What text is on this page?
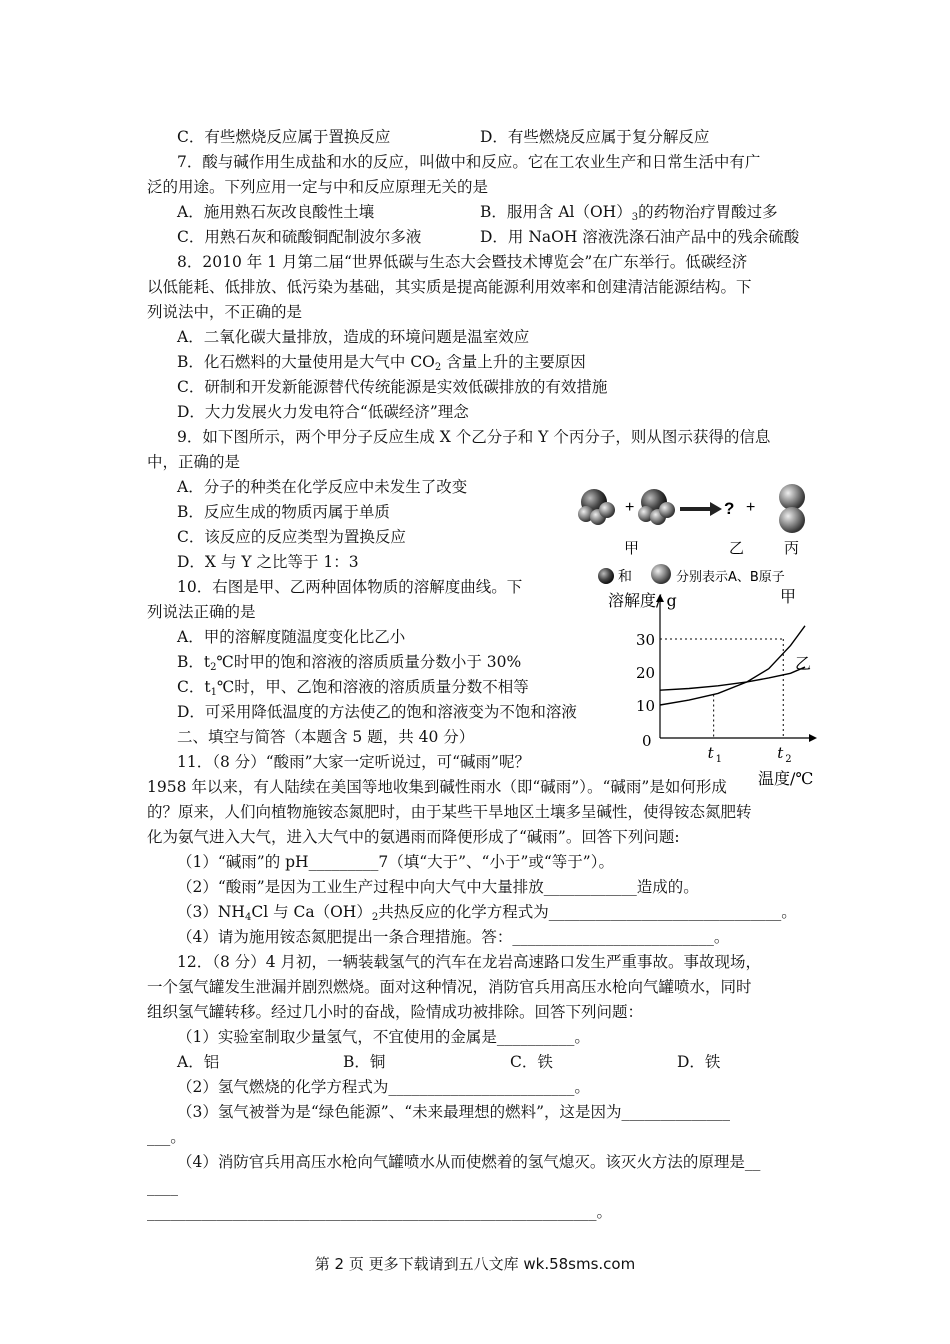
C．有些燃烧反应属于置换反应	D．有些燃烧反应属于复分解反应
7．酸与碱作用生成盐和水的反应，叫做中和反应。它在工农业生产和日常生活中有广
泛的用途。下列应用一定与中和反应原理无关的是
A．施用熟石灰改良酸性土壤	B．服用含 $Al(OH)_3$的药物治疗胃酸过多
C．用熟石灰和硫酸铜配制波尔多液	D．用 NaOH 溶液洗涤石油产品中的残余硫酸
8．2010 年 1 月第二届“世界低碳与生态大会暨技术博览会”在广东举行。低碳经济
以低能耗、低排放、低污染为基础，其实质是提高能源利用效率和创建清洁能源结构。下
列说法中，不正确的是
A．二氧化碳大量排放，造成的环境问题是温室效应
B．化石燃料的大量使用是大气中 $CO_2$ 含量上升的主要原因
C．研制和开发新能源替代传统能源是实效低碳排放的有效措施
D．大力发展火力发电符合“低碳经济”理念
9．如下图所示，两个甲分子反应生成 X 个乙分子和 Y 个丙分子，则从图示获得的信息
中，正确的是
A．分子的种类在化学反应中未发生了改变
B．反应生成的物质丙属于单质
C．该反应的反应类型为置换反应
D．X 与 Y 之比等于 1：3
10．右图是甲、乙两种固体物质的溶解度曲线。下
列说法正确的是
A．甲的溶解度随温度变化比乙小
B．$t_2℃$时甲的饱和溶液的溶质质量分数小于 30%
C．$t_1℃$时，甲、乙饱和溶液的溶质质量分数不相等
D．可采用降低温度的方法使乙的饱和溶液变为不饱和溶液
二、填空与简答（本题含 5 题，共 40 分）
11．（8 分）“酸雨”大家一定听说过，可“碱雨”呢？
1958 年以来，有人陆续在美国等地收集到碱性雨水（即“碱雨”）。“碱雨”是如何形成
的？原来，人们向植物施铵态氮肥时，由于某些干旱地区土壤多呈碱性，使得铵态氮肥转
化为氨气进入大气，进入大气中的氨遇雨而降便形成了“碱雨”。回答下列问题:
（1）“碱雨”的 pH_________7（填“大于”、“小于”或“等于”）。
（2）“酸雨”是因为工业生产过程中向大气中大量排放____________造成的。
$(3)NH_4Cl$ 与 $Ca(OH)_2$共热反应的化学方程式为______________________________。
（4）请为施用铵态氮肥提出一条合理措施。答：__________________________。
12．（8 分）4 月初，一辆装载氢气的汽车在龙岩高速路口发生严重事故。事故现场，
一个氢气罐发生泄漏并剧烈燃烧。面对这种情况，消防官兵用高压水枪向气罐喷水，同时
组织氢气罐转移。经过几小时的奋战，险情成功被排除。回答下列问题：
（1）实验室制取少量氢气，不宜使用的金属是__________。
A．铝	B．铜	C．铁	D．铁
（2）氢气燃烧的化学方程式为________________________。
（3）氢气被誉为是“绿色能源”、“未来最理想的燃料”，这是因为______________
___。
（4）消防官兵用高压水枪向气罐喷水从而使燃着的氢气熄灭。该灭火方法的原理是__
____
__________________________________________________________。
+	? +
甲	乙	丙
和	分别表示A、B原子
溶解度/ g
温度/℃
0
10
20
30
t 1	t 2
甲
乙
第 2 页 更多下载请到五八文库 wk.58sms.com
